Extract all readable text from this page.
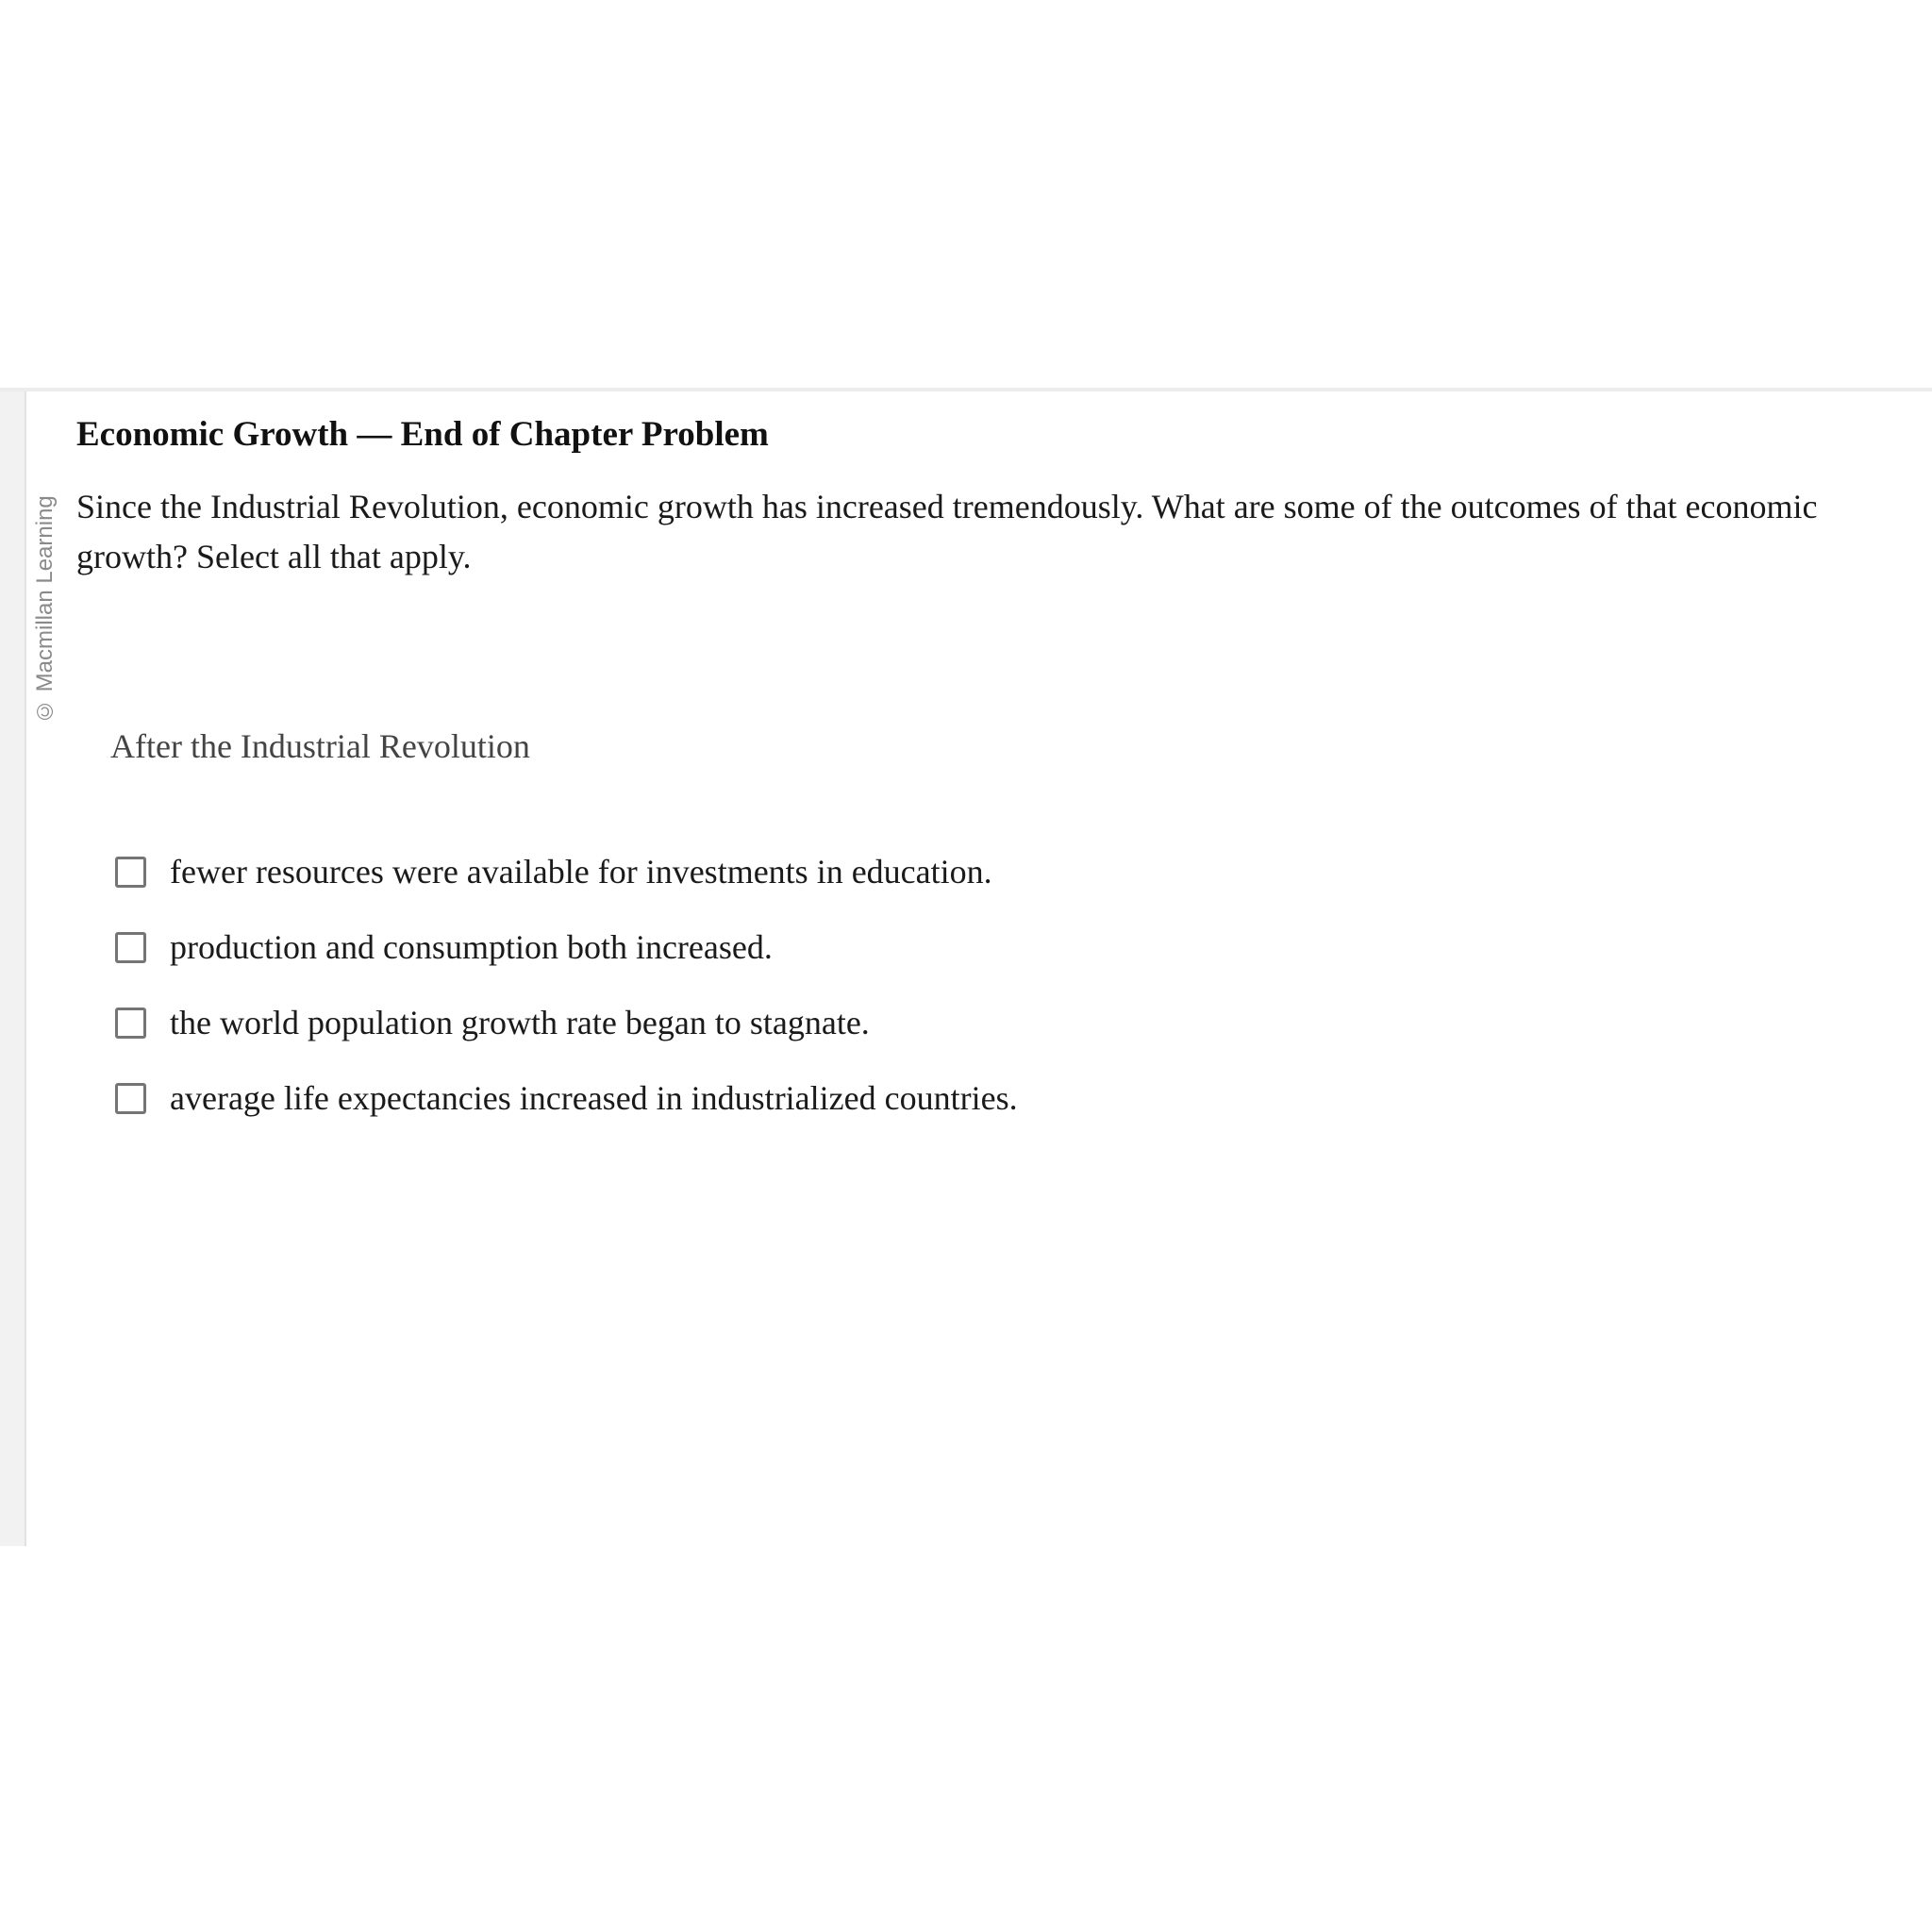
© Macmillan Learning
Economic Growth — End of Chapter Problem
Since the Industrial Revolution, economic growth has increased tremendously. What are some of the outcomes of that economic growth? Select all that apply.
After the Industrial Revolution
fewer resources were available for investments in education.
production and consumption both increased.
the world population growth rate began to stagnate.
average life expectancies increased in industrialized countries.
